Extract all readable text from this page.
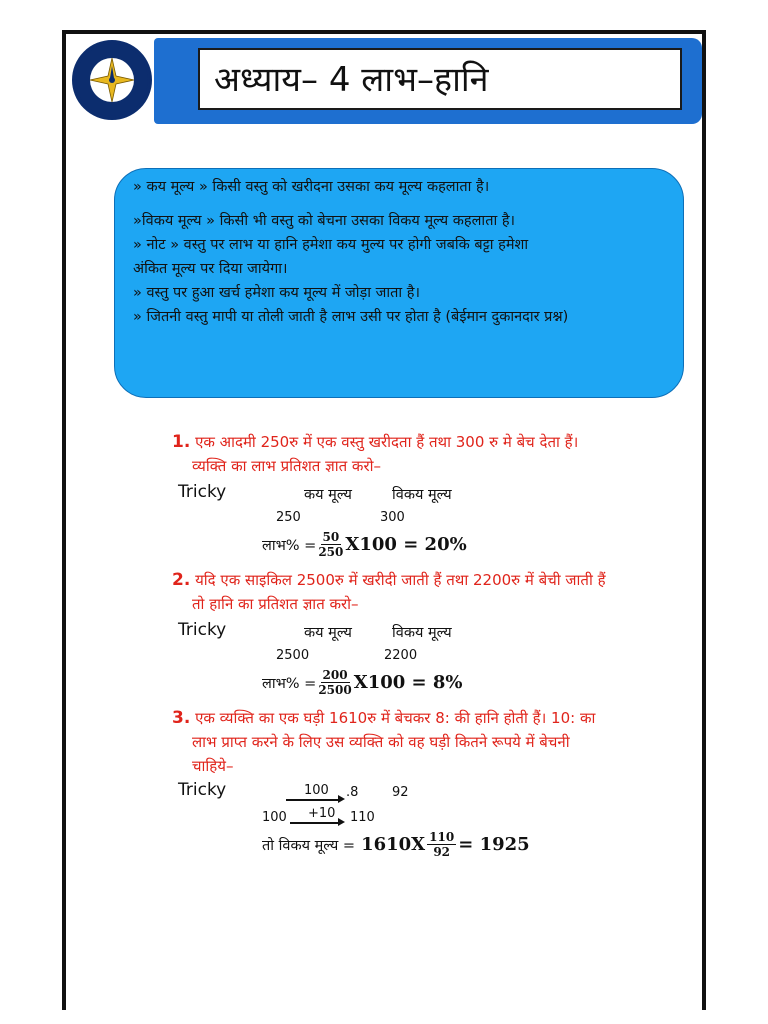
अध्याय– 4 लाभ–हानि
» कय मूल्य » किसी वस्तु को खरीदना उसका कय मूल्य कहलाता है।
»विकय मूल्य » किसी भी वस्तु को बेचना उसका विकय मूल्य कहलाता है।
» नोट » वस्तु पर लाभ या हानि हमेशा कय मुल्य पर होगी जबकि बट्टा हमेशा
अंकित मूल्य पर दिया जायेगा।
» वस्तु पर हुआ खर्च हमेशा कय मूल्य में जोड़ा जाता है।
» जितनी वस्तु मापी या तोली जाती है लाभ उसी पर होता है (बेईमान दुकानदार प्रश्न)
1. एक आदमी 250रु में एक वस्तु खरीदता हैं तथा 300 रु मे बेच देता हैं।
व्यक्ति का लाभ प्रतिशत ज्ञात करो–
Tricky	कय मूल्य	विकय मूल्य
250	300
लाभ% = $\frac{50}{250} X100 = 20\%$
2. यदि एक साइकिल 2500रु में खरीदी जाती हैं तथा 2200रु में बेची जाती हैं
तो हानि का प्रतिशत ज्ञात करो–
Tricky	कय मूल्य	विकय मूल्य
2500	2200
लाभ% = $\frac{200}{2500} X100 = 8\%$
3. एक व्यक्ति का एक घड़ी 1610रु में बेचकर 8: की हानि होती हैं। 10: का
लाभ प्राप्त करने के लिए उस व्यक्ति को वह घड़ी कितने रूपये में बेचनी
चाहिये–
Tricky	100 .8	92
100 +10 110
तो विकय मूल्य = $1610X \frac{110}{92} = 1925$
